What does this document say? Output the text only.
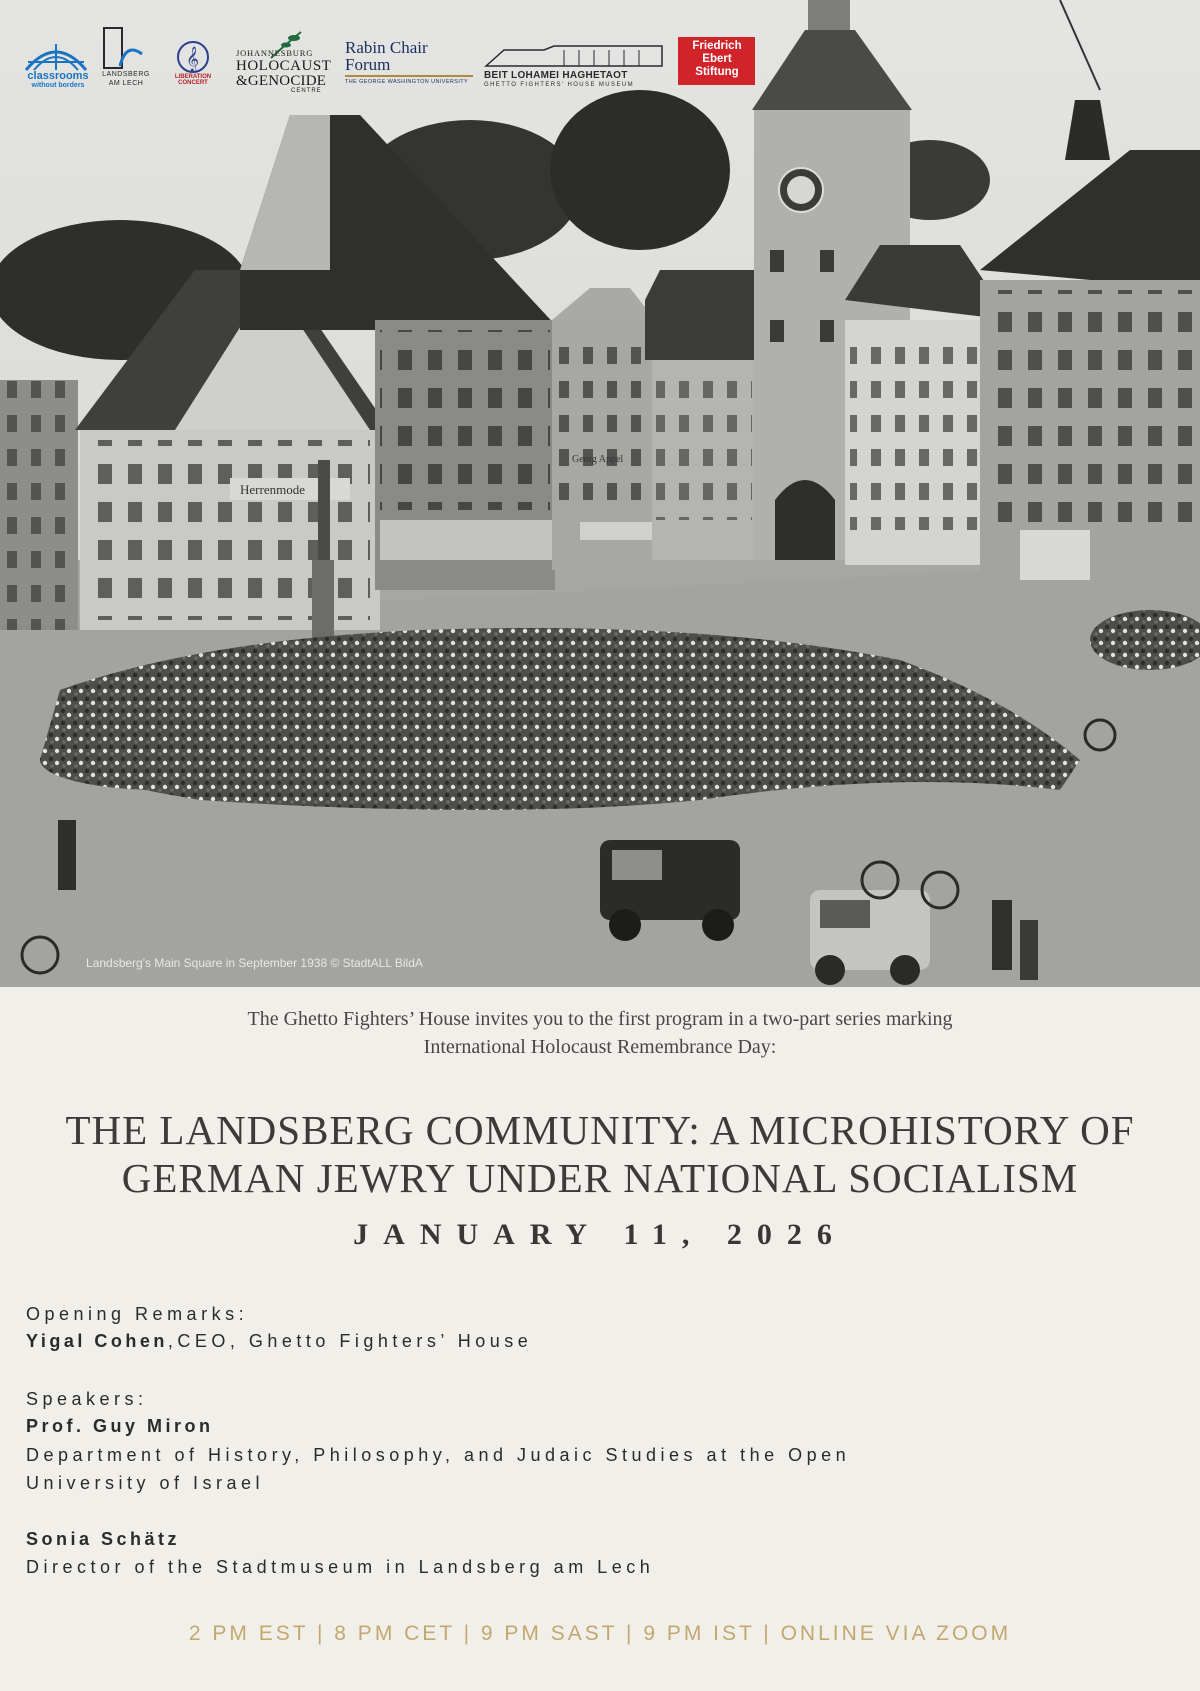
Herrenmode
Georg Appel
Landsberg's Main Square in September 1938 © StadtALL BildA
classrooms
without borders
LANDSBERG
AM LECH
𝄞
LIBERATION CONCERT
JOHANNESBURG
HOLOCAUST
&GENOCIDE
CENTRE
Rabin Chair
Forum
THE GEORGE WASHINGTON UNIVERSITY
BEIT LOHAMEI HAGHETAOT
GHETTO FIGHTERS' HOUSE MUSEUM
Friedrich
Ebert
Stiftung
The Ghetto Fighters’ House invites you to the first program in a two-part series marking
International Holocaust Remembrance Day:
THE LANDSBERG COMMUNITY: A MICROHISTORY OF
GERMAN JEWRY UNDER NATIONAL SOCIALISM
JANUARY 11, 2026
Opening Remarks:
Yigal Cohen,CEO, Ghetto Fighters’ House
Speakers:
Prof. Guy Miron
Department of History, Philosophy, and Judaic Studies at the Open
University of Israel
Sonia Schätz
Director of the Stadtmuseum in Landsberg am Lech
2 PM EST | 8 PM CET | 9 PM SAST | 9 PM IST | ONLINE VIA ZOOM
